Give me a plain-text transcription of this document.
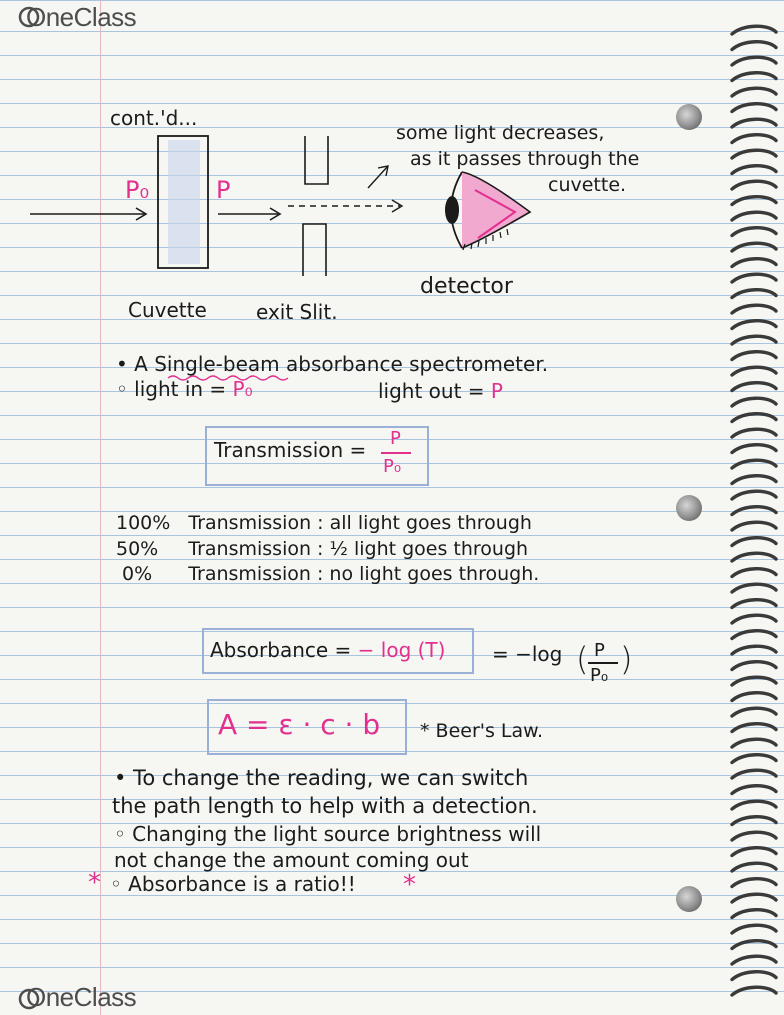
OneClass
OneClass
cont.'d...
P₀	P
some light decreases,
as it passes through the
cuvette.
detector
Cuvette exit Slit.
• A Single-beam absorbance spectrometer.
◦ light in = P₀	light out = P
Transmission = P
P₀
100% Transmission : all light goes through
50% Transmission : ½ light goes through
0% Transmission : no light goes through.
Absorbance = − log (T) = −log ( P
P₀ )
A = ε · c · b * Beer's Law.
• To change the reading, we can switch
the path length to help with a detection.
◦ Changing the light source brightness will
not change the amount coming out
* ◦ Absorbance is a ratio!! *
